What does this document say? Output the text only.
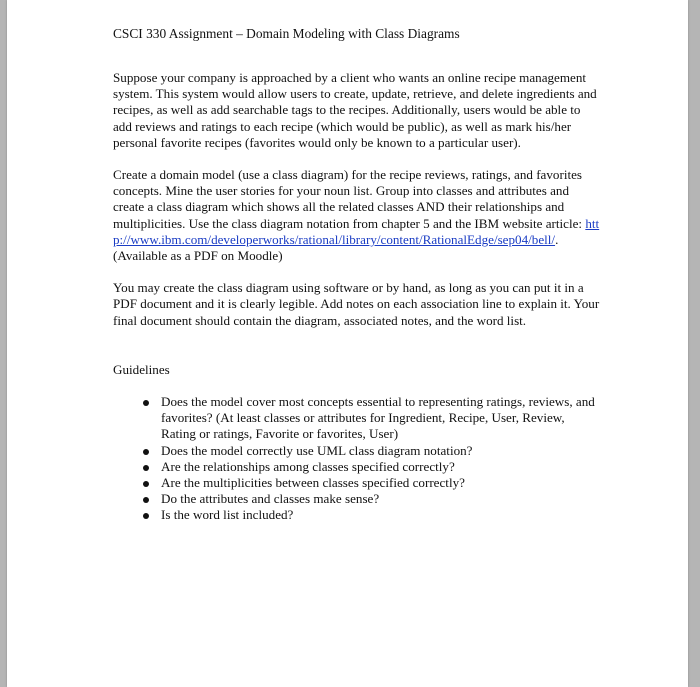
CSCI 330 Assignment – Domain Modeling with Class Diagrams

Suppose your company is approached by a client who wants an online recipe management system. This system would allow users to create, update, retrieve, and delete ingredients and recipes, as well as add searchable tags to the recipes. Additionally, users would be able to add reviews and ratings to each recipe (which would be public), as well as mark his/her personal favorite recipes (favorites would only be known to a particular user).

Create a domain model (use a class diagram) for the recipe reviews, ratings, and favorites concepts. Mine the user stories for your noun list. Group into classes and attributes and create a class diagram which shows all the related classes AND their relationships and multiplicities. Use the class diagram notation from chapter 5 and the IBM website article: http://www.ibm.com/developerworks/rational/library/content/RationalEdge/sep04/bell/. (Available as a PDF on Moodle)

You may create the class diagram using software or by hand, as long as you can put it in a PDF document and it is clearly legible. Add notes on each association line to explain it. Your final document should contain the diagram, associated notes, and the word list.

Guidelines

Does the model cover most concepts essential to representing ratings, reviews, and favorites? (At least classes or attributes for Ingredient, Recipe, User, Review, Rating or ratings, Favorite or favorites, User)
Does the model correctly use UML class diagram notation?
Are the relationships among classes specified correctly?
Are the multiplicities between classes specified correctly?
Do the attributes and classes make sense?
Is the word list included?
